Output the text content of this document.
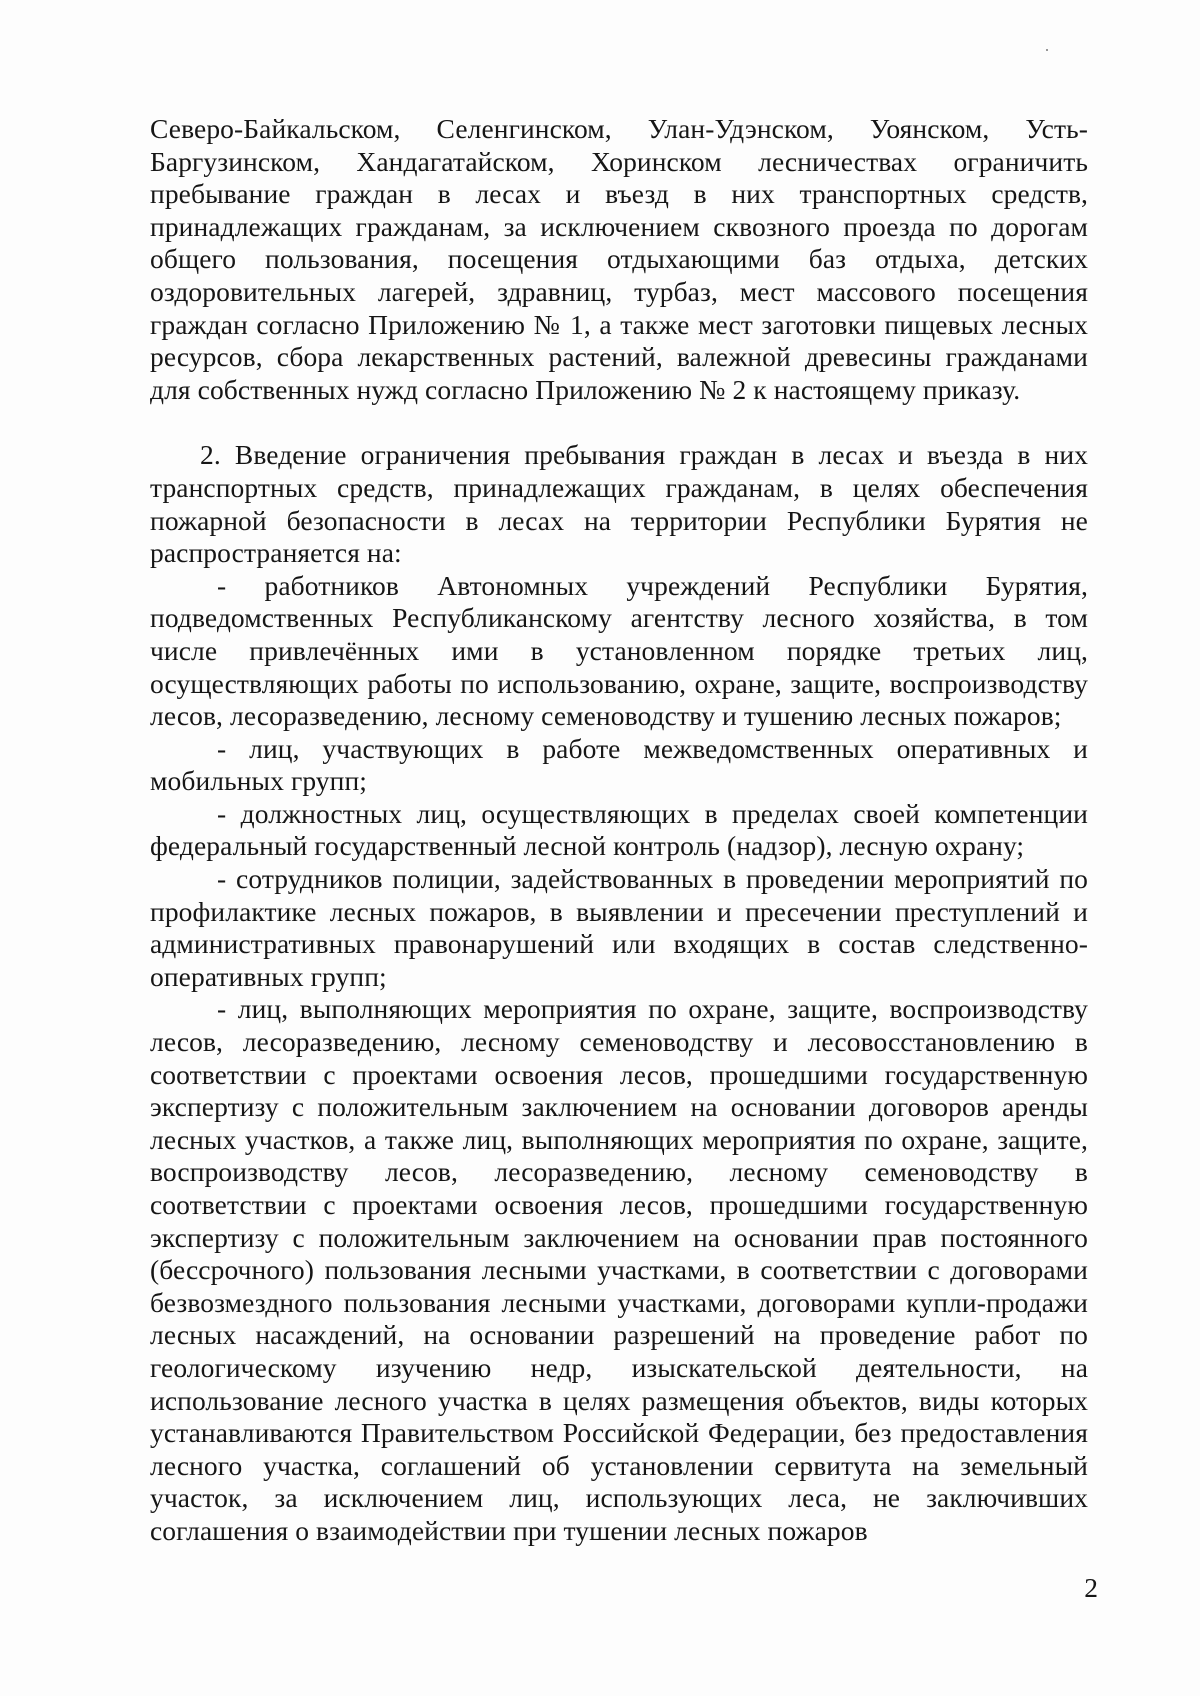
Северо-Байкальском, Селенгинском, Улан-Удэнском, Уоянском, Усть-Баргузинском, Хандагатайском, Хоринском лесничествах ограничить пребывание граждан в лесах и въезд в них транспортных средств, принадлежащих гражданам, за исключением сквозного проезда по дорогам общего пользования, посещения отдыхающими баз отдыха, детских оздоровительных лагерей, здравниц, турбаз, мест массового посещения граждан согласно Приложению № 1, а также мест заготовки пищевых лесных ресурсов, сбора лекарственных растений, валежной древесины гражданами для собственных нужд согласно Приложению № 2 к настоящему приказу.

2. Введение ограничения пребывания граждан в лесах и въезда в них транспортных средств, принадлежащих гражданам, в целях обеспечения пожарной безопасности в лесах на территории Республики Бурятия не распространяется на:

- работников Автономных учреждений Республики Бурятия, подведомственных Республиканскому агентству лесного хозяйства, в том числе привлечённых ими в установленном порядке третьих лиц, осуществляющих работы по использованию, охране, защите, воспроизводству лесов, лесоразведению, лесному семеноводству и тушению лесных пожаров;

- лиц, участвующих в работе межведомственных оперативных и мобильных групп;

- должностных лиц, осуществляющих в пределах своей компетенции федеральный государственный лесной контроль (надзор), лесную охрану;

- сотрудников полиции, задействованных в проведении мероприятий по профилактике лесных пожаров, в выявлении и пресечении преступлений и административных правонарушений или входящих в состав следственно-оперативных групп;

- лиц, выполняющих мероприятия по охране, защите, воспроизводству лесов, лесоразведению, лесному семеноводству и лесовосстановлению в соответствии с проектами освоения лесов, прошедшими государственную экспертизу с положительным заключением на основании договоров аренды лесных участков, а также лиц, выполняющих мероприятия по охране, защите, воспроизводству лесов, лесоразведению, лесному семеноводству в соответствии с проектами освоения лесов, прошедшими государственную экспертизу с положительным заключением на основании прав постоянного (бессрочного) пользования лесными участками, в соответствии с договорами безвозмездного пользования лесными участками, договорами купли-продажи лесных насаждений, на основании разрешений на проведение работ по геологическому изучению недр, изыскательской деятельности, на использование лесного участка в целях размещения объектов, виды которых устанавливаются Правительством Российской Федерации, без предоставления лесного участка, соглашений об установлении сервитута на земельный участок, за исключением лиц, использующих леса, не заключивших соглашения о взаимодействии при тушении лесных пожаров

2
